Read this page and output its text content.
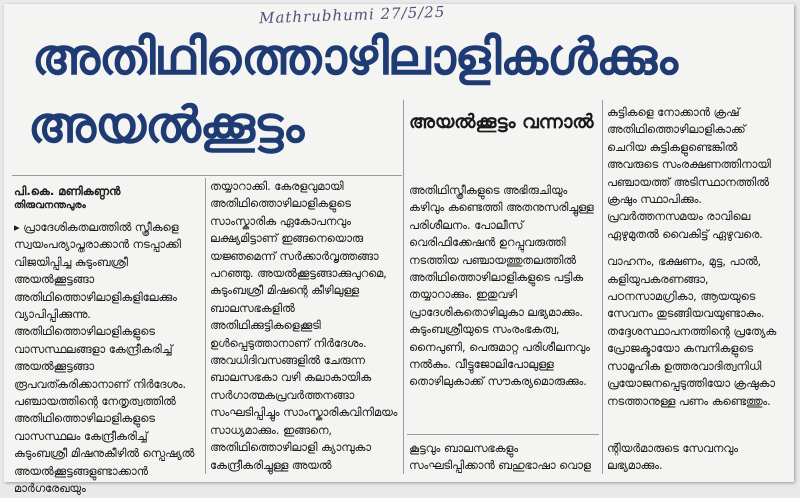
Mathrubhumi 27/5/25
അതിഥിത്തൊഴിലാളികൾക്കും
അയൽക്കൂട്ടം
പി.കെ. മണികണ്ഠൻ
തിരുവനന്തപുരം

▸ പ്രാദേശികതലത്തിൽ സ്ത്രീകളെ സ്വയംപര്യാപ്തരാക്കാൻ നടപ്പാക്കി വിജയിപ്പിച്ച കുടുംബശ്രീ അയൽക്കൂട്ടങ്ങാ അതിഥിത്തൊഴിലാളികളിലേക്കും വ്യാപിപ്പിക്കുന്നു. അതിഥിത്തൊഴിലാളികളുടെ വാസസ്ഥലങ്ങളാ കേന്ദ്രീകരിച്ച് അയൽക്കൂട്ടങ്ങാ രൂപവത്കരിക്കാനാണ് നിർദേശം. പഞ്ചായത്തിന്റെ നേതൃത്വത്തിൽ അതിഥിത്തൊഴിലാളികളുടെ വാസസ്ഥലം കേന്ദ്രീകരിച്ച് കുടുംബശ്രീ മിഷനുകീഴിൽ സ്പെഷ്യൽ അയൽക്കൂട്ടങ്ങളുണ്ടാക്കാൻ മാർഗരേഖയും

തയ്യാറാക്കി. കേരളവുമായി അതിഥിത്തൊഴിലാളികളുടെ സാംസ്കാരിക ഏകോപനവും ലക്ഷ്യമിട്ടാണ് ഇങ്ങനെയൊരു യജ്ഞമെന്ന് സർക്കാർവൃത്തങ്ങാ പറഞ്ഞു. അയൽക്കൂട്ടങ്ങാക്കുപുറമെ, കുടുംബശ്രീ മിഷന്റെ കീഴിലുള്ള ബാലസഭകളിൽ അതിഥിക്കുട്ടികളെക്കൂടി ഉൾപ്പെടുത്താനാണ് നിർദേശം. അവധിദിവസങ്ങളിൽ ചേരുന്ന ബാലസഭകാ വഴി കലാകായിക സർഗാത്മകപ്രവർത്തനങ്ങാ സംഘടിപ്പിച്ചും സാംസ്കാരികവിനിമയം സാധ്യമാക്കും. ഇങ്ങനെ, അതിഥിത്തൊഴിലാളി ക്യാമ്പുകാ കേന്ദ്രീകരിച്ചുള്ള അയൽ

അയൽക്കൂട്ടം വന്നാൽ

അതിഥിസ്ത്രീകളുടെ അഭിരുചിയും കഴിവും കണ്ടെത്തി അതനുസരിച്ചുള്ള പരിശീലനം. പോലീസ് വെരിഫിക്കേഷൻ ഉറപ്പുവരുത്തി നടത്തിയ പഞ്ചായത്തുതലത്തിൽ അതിഥിത്തൊഴിലാളികളുടെ പട്ടിക തയ്യാറാക്കും. ഇതുവഴി പ്രാദേശികതൊഴിലുകാ ലഭ്യമാക്കും. കുടുംബശ്രീയുടെ സംരംഭകത്വ, നൈപുണി, പെരുമാറ്റ പരിശീലനവും നൽകും. വീട്ടുജോലിപോലുള്ള തൊഴിലുകാക്ക് സൗകര്യമൊരുക്കും.

കൂട്ടവും ബാലസഭകളും സംഘടിപ്പിക്കാൻ ബഹുഭാഷാ വൊള

കുട്ടികളെ നോക്കാൻ ക്രഷ് അതിഥിത്തൊഴിലാളികാക്ക് ചെറിയ കുട്ടികളുണ്ടെങ്കിൽ അവരുടെ സംരക്ഷണത്തിനായി പഞ്ചായത്ത് അടിസ്ഥാനത്തിൽ ക്രഷും സ്ഥാപിക്കും. പ്രവർത്തനസമയം രാവിലെ ഏഴുമുതൽ വൈകിട്ട് ഏഴുവരെ.

വാഹനം, ഭക്ഷണം, മുട്ട, പാൽ, കളിയുപകരണങ്ങാ, പഠനസാമഗ്രികാ, ആയയുടെ സേവനം തുടങ്ങിയവയുണ്ടാകും. തദ്ദേശസ്ഥാപനത്തിന്റെ പ്രത്യേക പ്രോജക്ടായോ കമ്പനികളുടെ സാമൂഹിക ഉത്തരവാദിത്വനിധി പ്രയോജനപ്പെടുത്തിയോ ക്രഷുകാ നടത്താനുള്ള പണം കണ്ടെത്തും.

ന്റിയർമാരുടെ സേവനവും ലഭ്യമാക്കും.
